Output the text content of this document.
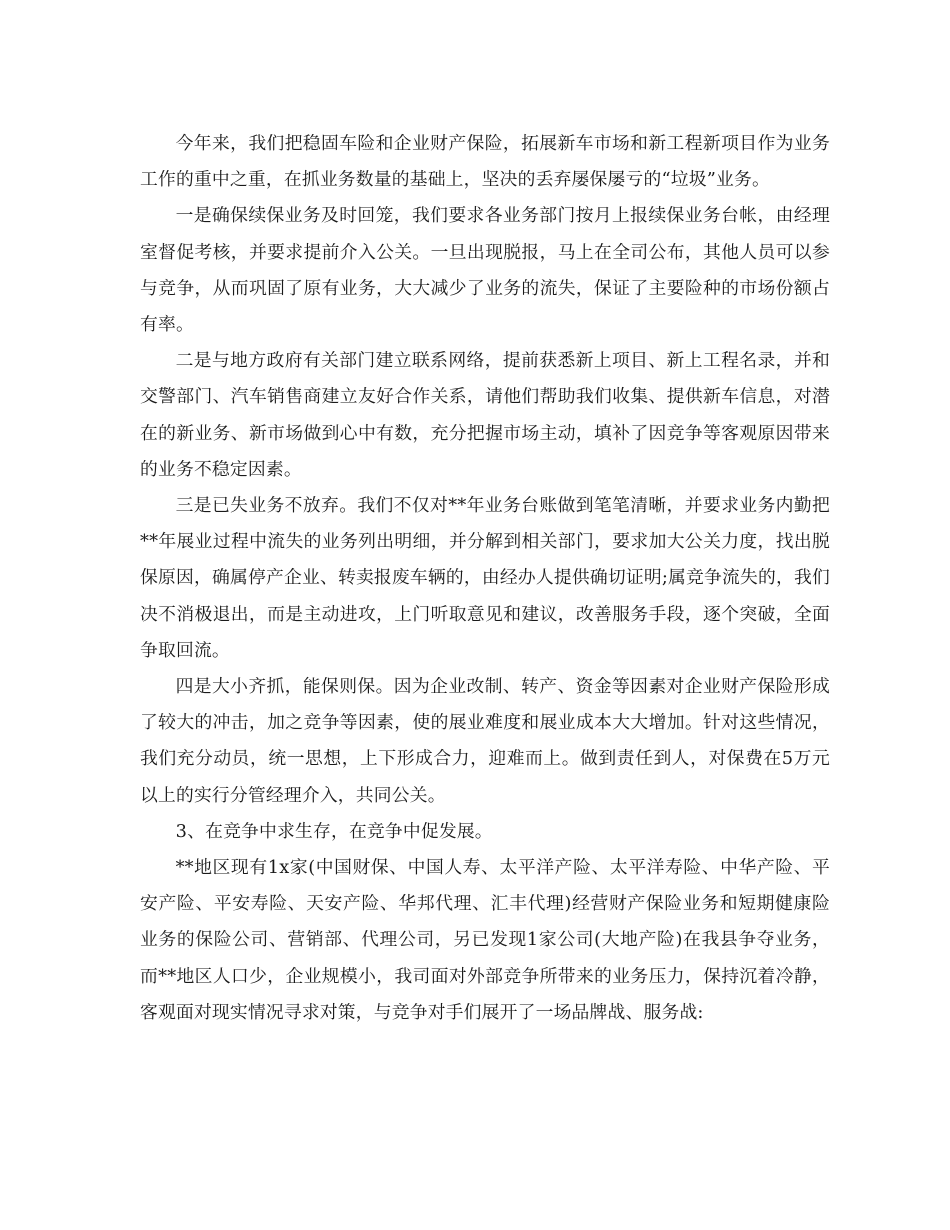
今年来，我们把稳固车险和企业财产保险，拓展新车市场和新工程新项目作为业务工作的重中之重，在抓业务数量的基础上，坚决的丢弃屡保屡亏的“垃圾”业务。

一是确保续保业务及时回笼，我们要求各业务部门按月上报续保业务台帐，由经理室督促考核，并要求提前介入公关。一旦出现脱报，马上在全司公布，其他人员可以参与竞争，从而巩固了原有业务，大大减少了业务的流失，保证了主要险种的市场份额占有率。

二是与地方政府有关部门建立联系网络，提前获悉新上项目、新上工程名录，并和交警部门、汽车销售商建立友好合作关系，请他们帮助我们收集、提供新车信息，对潜在的新业务、新市场做到心中有数，充分把握市场主动，填补了因竞争等客观原因带来的业务不稳定因素。

三是已失业务不放弃。我们不仅对**年业务台账做到笔笔清晰，并要求业务内勤把**年展业过程中流失的业务列出明细，并分解到相关部门，要求加大公关力度，找出脱保原因，确属停产企业、转卖报废车辆的，由经办人提供确切证明;属竞争流失的，我们决不消极退出，而是主动进攻，上门听取意见和建议，改善服务手段，逐个突破，全面争取回流。

四是大小齐抓，能保则保。因为企业改制、转产、资金等因素对企业财产保险形成了较大的冲击，加之竞争等因素，使的展业难度和展业成本大大增加。针对这些情况，我们充分动员，统一思想，上下形成合力，迎难而上。做到责任到人，对保费在5万元以上的实行分管经理介入，共同公关。

3、在竞争中求生存，在竞争中促发展。

**地区现有1x家(中国财保、中国人寿、太平洋产险、太平洋寿险、中华产险、平安产险、平安寿险、天安产险、华邦代理、汇丰代理)经营财产保险业务和短期健康险业务的保险公司、营销部、代理公司，另已发现1家公司(大地产险)在我县争夺业务，而**地区人口少，企业规模小，我司面对外部竞争所带来的业务压力，保持沉着冷静，客观面对现实情况寻求对策，与竞争对手们展开了一场品牌战、服务战:
